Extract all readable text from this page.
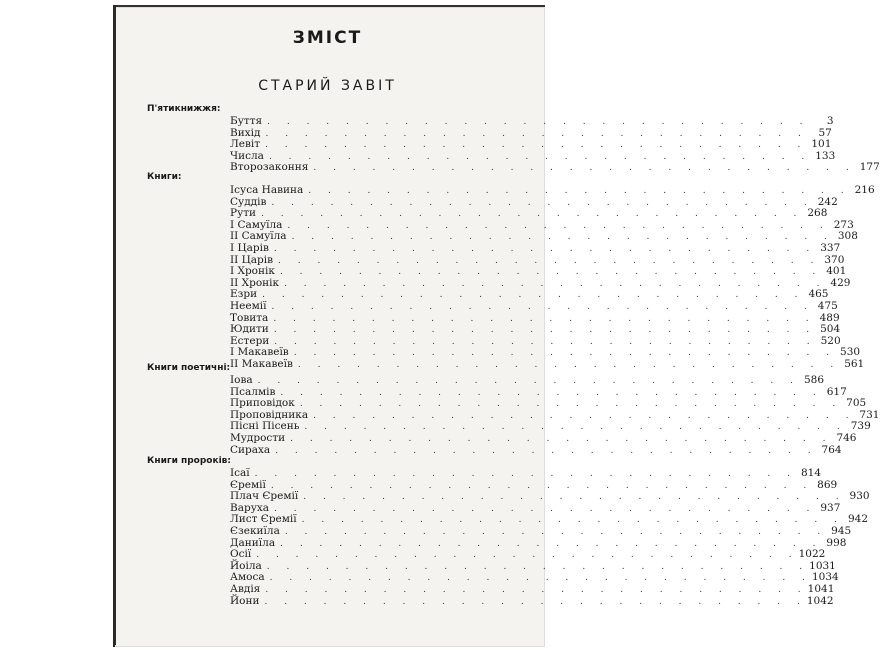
ЗМІСТ
СТАРИЙ ЗАВІТ
П'ятикнижжя:
Буття . . . . . . . . . . . . . . . . . . . . . . . . . . . .	3
Вихід . . . . . . . . . . . . . . . . . . . . . . . . . . . .	57
Левіт . . . . . . . . . . . . . . . . . . . . . . . . . . . . 101
Числа . . . . . . . . . . . . . . . . . . . . . . . . . . . . 133
Второзаконня . . . . . . . . . . . . . . . . . . . . . . . . . . . . 177
Книги:
Ісуса Навина . . . . . . . . . . . . . . . . . . . . . . . . . . . . 216
Суддів . . . . . . . . . . . . . . . . . . . . . . . . . . . . 242
Рути . . . . . . . . . . . . . . . . . . . . . . . . . . . . 268
І Самуїла . . . . . . . . . . . . . . . . . . . . . . . . . . . . 273
ІІ Самуїла . . . . . . . . . . . . . . . . . . . . . . . . . . . . 308
І Царів . . . . . . . . . . . . . . . . . . . . . . . . . . . . 337
ІІ Царів . . . . . . . . . . . . . . . . . . . . . . . . . . . . 370
І Хронік . . . . . . . . . . . . . . . . . . . . . . . . . . . . 401
ІІ Хронік . . . . . . . . . . . . . . . . . . . . . . . . . . . . 429
Езри . . . . . . . . . . . . . . . . . . . . . . . . . . . . 465
Неемії . . . . . . . . . . . . . . . . . . . . . . . . . . . . 475
Товита . . . . . . . . . . . . . . . . . . . . . . . . . . . . 489
Юдити . . . . . . . . . . . . . . . . . . . . . . . . . . . . 504
Естери . . . . . . . . . . . . . . . . . . . . . . . . . . . . 520
І Макавеїв . . . . . . . . . . . . . . . . . . . . . . . . . . . . 530
ІІ Макавеїв . . . . . . . . . . . . . . . . . . . . . . . . . . . . 561
Книги поетичні:
Іова . . . . . . . . . . . . . . . . . . . . . . . . . . . . 586
Псалмів . . . . . . . . . . . . . . . . . . . . . . . . . . . . 617
Приповідок . . . . . . . . . . . . . . . . . . . . . . . . . . . . 705
Проповідника . . . . . . . . . . . . . . . . . . . . . . . . . . . . 731
Пісні Пісень . . . . . . . . . . . . . . . . . . . . . . . . . . . . 739
Мудрости . . . . . . . . . . . . . . . . . . . . . . . . . . . . 746
Сираха . . . . . . . . . . . . . . . . . . . . . . . . . . . . 764
Книги пророків:
Ісаї . . . . . . . . . . . . . . . . . . . . . . . . . . . . 814
Єремії . . . . . . . . . . . . . . . . . . . . . . . . . . . . 869
Плач Єремії . . . . . . . . . . . . . . . . . . . . . . . . . . . . 930
Варуха . . . . . . . . . . . . . . . . . . . . . . . . . . . . 937
Лист Єремії . . . . . . . . . . . . . . . . . . . . . . . . . . . . 942
Єзекиїла . . . . . . . . . . . . . . . . . . . . . . . . . . . . 945
Даниїла . . . . . . . . . . . . . . . . . . . . . . . . . . . . 998
Осії . . . . . . . . . . . . . . . . . . . . . . . . . . . . 1022
Йоіла . . . . . . . . . . . . . . . . . . . . . . . . . . . . 1031
Амоса . . . . . . . . . . . . . . . . . . . . . . . . . . . . 1034
Авдія . . . . . . . . . . . . . . . . . . . . . . . . . . . . 1041
Йони . . . . . . . . . . . . . . . . . . . . . . . . . . . . 1042
